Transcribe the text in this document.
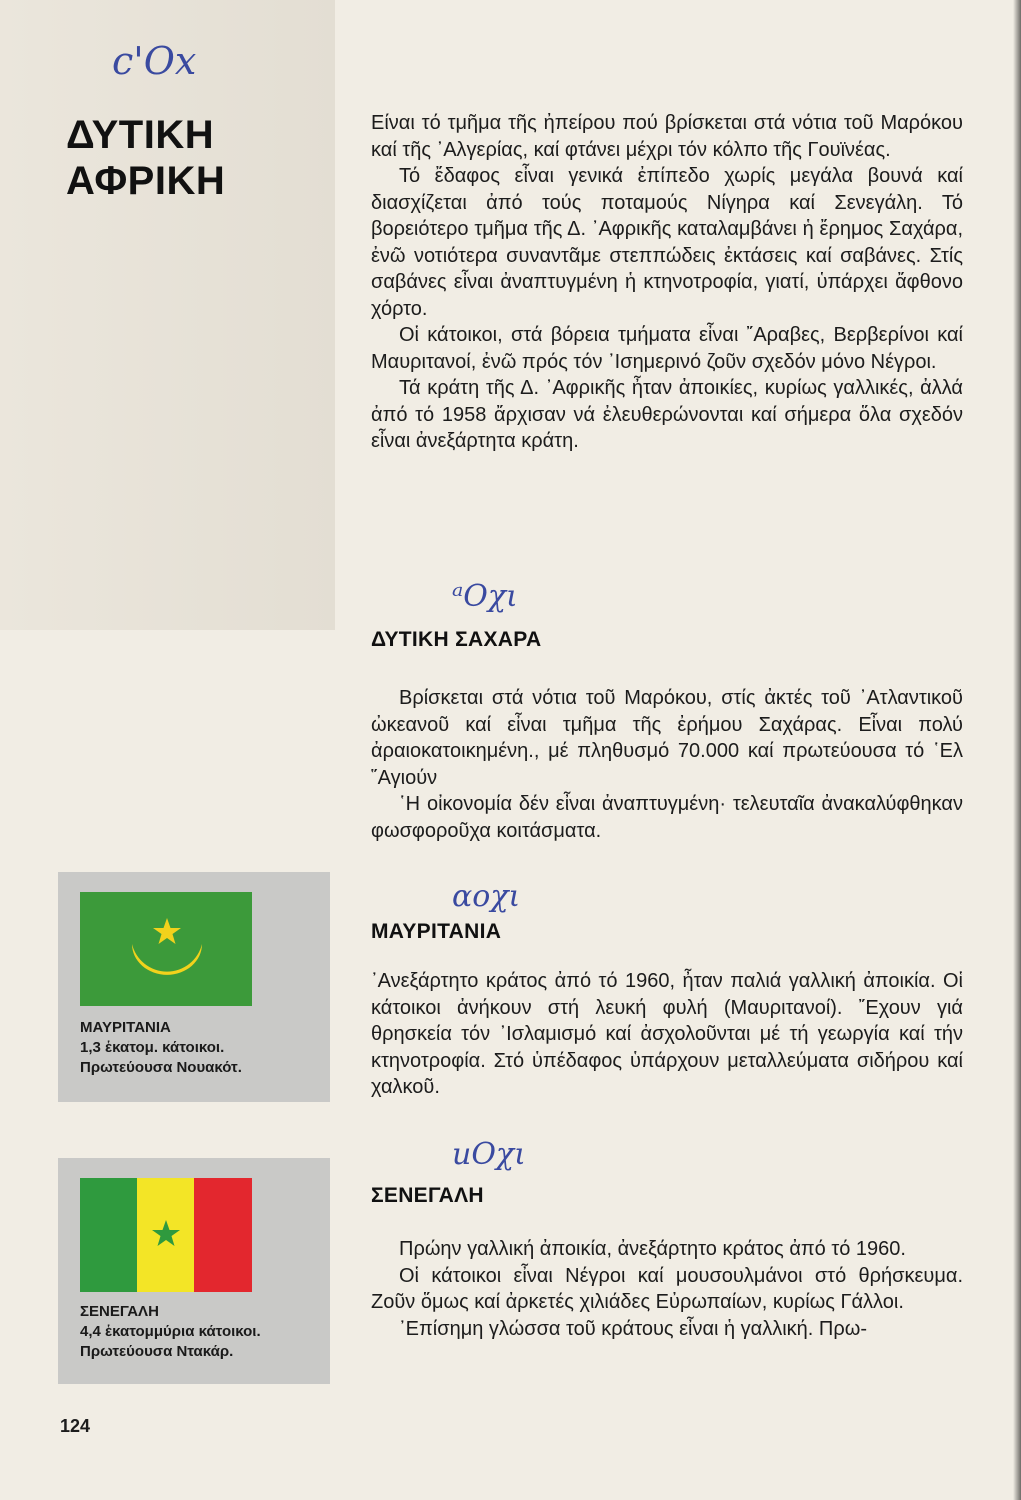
c'Ox
ᵃOχι
αοχι
uOχι
ΔΥΤΙΚΗ
ΑΦΡΙΚΗ

Είναι τό τμῆμα τῆς ἠπείρου πού βρίσκεται στά νότια τοῦ Μαρόκου καί τῆς ᾽Αλγερίας, καί φτάνει μέχρι τόν κόλπο τῆς Γουϊνέας.

Τό ἔδαφος εἶναι γενικά ἐπίπεδο χωρίς μεγάλα βουνά καί διασχίζεται ἀπό τούς ποταμούς Νίγηρα καί Σενεγάλη. Τό βορειότερο τμῆμα τῆς Δ. ᾽Αφρικῆς καταλαμβάνει ἡ ἔρημος Σαχάρα, ἐνῶ νοτιότερα συναντᾶμε στεππώδεις ἐκτάσεις καί σαβάνες. Στίς σαβάνες εἶναι ἀναπτυγμένη ἡ κτηνοτροφία, γιατί, ὑπάρχει ἄφθονο χόρτο.

Οἱ κάτοικοι, στά βόρεια τμήματα εἶναι ῎Αραβες, Βερβερίνοι καί Μαυριτανοί, ἐνῶ πρός τόν ᾽Ισημερινό ζοῦν σχεδόν μόνο Νέγροι.

Τά κράτη τῆς Δ. ᾽Αφρικῆς ἦταν ἀποικίες, κυρίως γαλλικές, ἀλλά ἀπό τό 1958 ἄρχισαν νά ἐλευθερώνονται καί σήμερα ὅλα σχεδόν εἶναι ἀνεξάρτητα κράτη.

ΔΥΤΙΚΗ ΣΑΧΑΡΑ

Βρίσκεται στά νότια τοῦ Μαρόκου, στίς ἀκτές τοῦ ᾽Ατλαντικοῦ ὠκεανοῦ καί εἶναι τμῆμα τῆς ἐρήμου Σαχάρας. Εἶναι πολύ ἀραιοκατοικημένη., μέ πληθυσμό 70.000 καί πρωτεύουσα τό ῾Ελ ῞Αγιούν

῾Η οἰκονομία δέν εἶναι ἀναπτυγμένη· τελευταῖα ἀνακαλύφθηκαν φωσφοροῦχα κοιτάσματα.

ΜΑΥΡΙΤΑΝΙΑ

᾽Ανεξάρτητο κράτος ἀπό τό 1960, ἦταν παλιά γαλλική ἀποικία. Οἱ κάτοικοι ἀνήκουν στή λευκή φυλή (Μαυριτανοί). ῎Εχουν γιά θρησκεία τόν ᾽Ισλαμισμό καί ἀσχολοῦνται μέ τή γεωργία καί τήν κτηνοτροφία. Στό ὑπέδαφος ὑπάρχουν μεταλλεύματα σιδήρου καί χαλκοῦ.

ΣΕΝΕΓΑΛΗ

Πρώην γαλλική ἀποικία, ἀνεξάρτητο κράτος ἀπό τό 1960.

Οἱ κάτοικοι εἶναι Νέγροι καί μουσουλμάνοι στό θρήσκευμα. Ζοῦν ὅμως καί ἀρκετές χιλιάδες Εὐρωπαίων, κυρίως Γάλλοι.

᾽Επίσημη γλώσσα τοῦ κράτους εἶναι ἡ γαλλική. Πρω-

ΜΑΥΡΙΤΑΝΙΑ
1,3 ἑκατομ. κάτοικοι.
Πρωτεύουσα Νουακότ.
ΣΕΝΕΓΑΛΗ
4,4 ἑκατομμύρια κάτοικοι.
Πρωτεύουσα Ντακάρ.
124
